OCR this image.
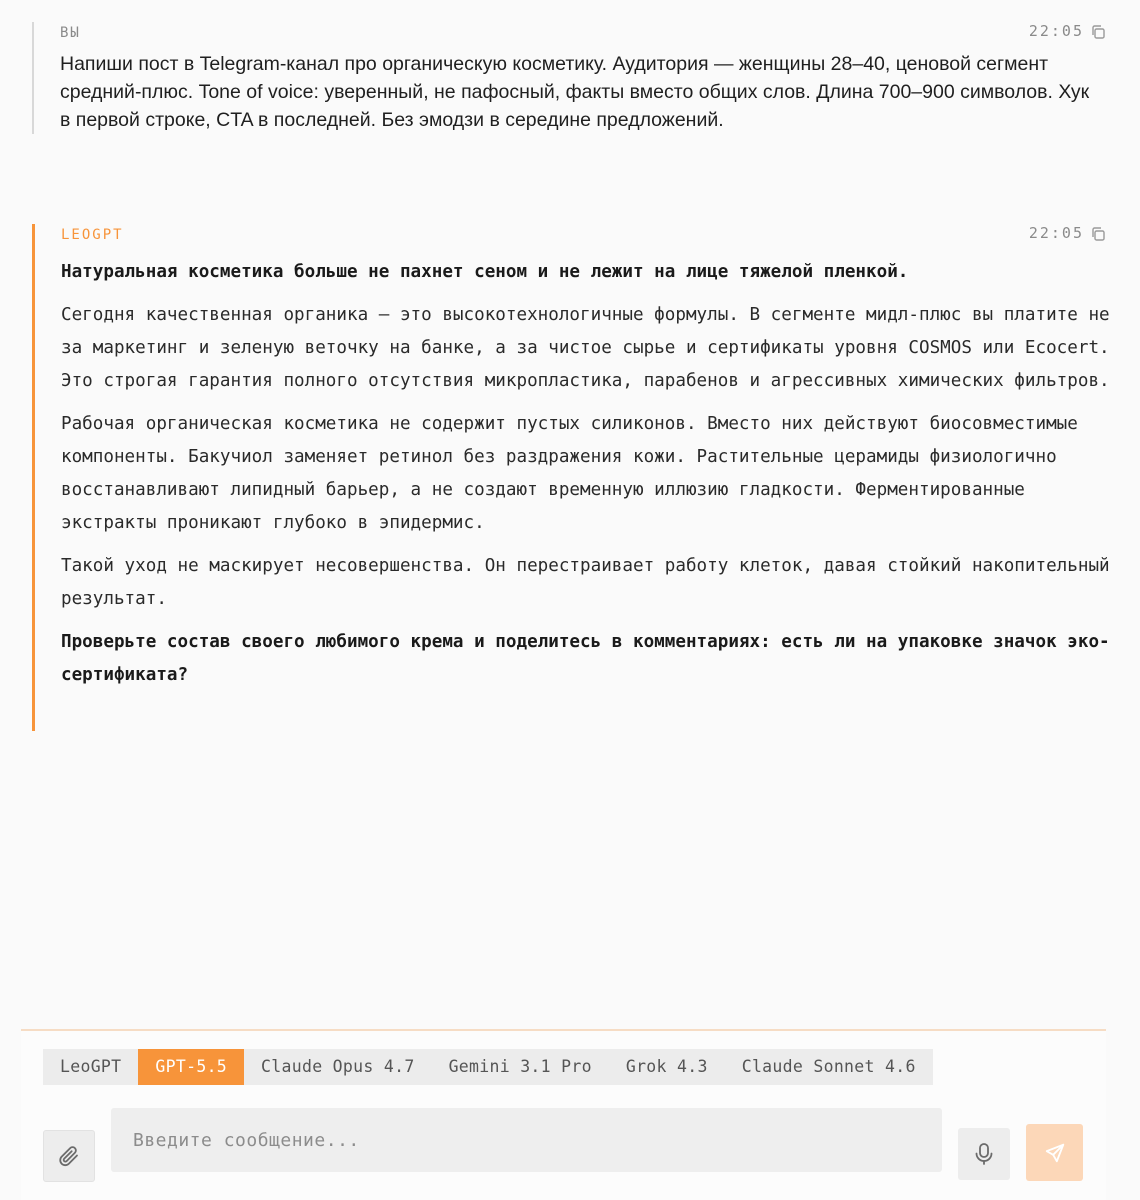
ВЫ	22:05
Напиши пост в Telegram-канал про органическую косметику. Аудитория — женщины 28–40, ценовой сегмент средний-плюс. Tone of voice: уверенный, не пафосный, факты вместо общих слов. Длина 700–900 символов. Хук в первой строке, CTA в последней. Без эмодзи в середине предложений.
LEOGPT	22:05

Натуральная косметика больше не пахнет сеном и не лежит на лице тяжелой пленкой.

Сегодня качественная органика — это высокотехнологичные формулы. В сегменте мидл-плюс вы платите не за маркетинг и зеленую веточку на банке, а за чистое сырье и сертификаты уровня COSMOS или Ecocert. Это строгая гарантия полного отсутствия микропластика, парабенов и агрессивных химических фильтров.

Рабочая органическая косметика не содержит пустых силиконов. Вместо них действуют биосовместимые компоненты. Бакучиол заменяет ретинол без раздражения кожи. Растительные церамиды физиологично восстанавливают липидный барьер, а не создают временную иллюзию гладкости. Ферментированные экстракты проникают глубоко в эпидермис.

Такой уход не маскирует несовершенства. Он перестраивает работу клеток, давая стойкий накопительный результат.

Проверьте состав своего любимого крема и поделитесь в комментариях: есть ли на упаковке значок эко-сертификата?

LeoGPT	GPT-5.5	Claude Opus 4.7	Gemini 3.1 Pro	Grok 4.3	Claude Sonnet 4.6
Введите сообщение...
